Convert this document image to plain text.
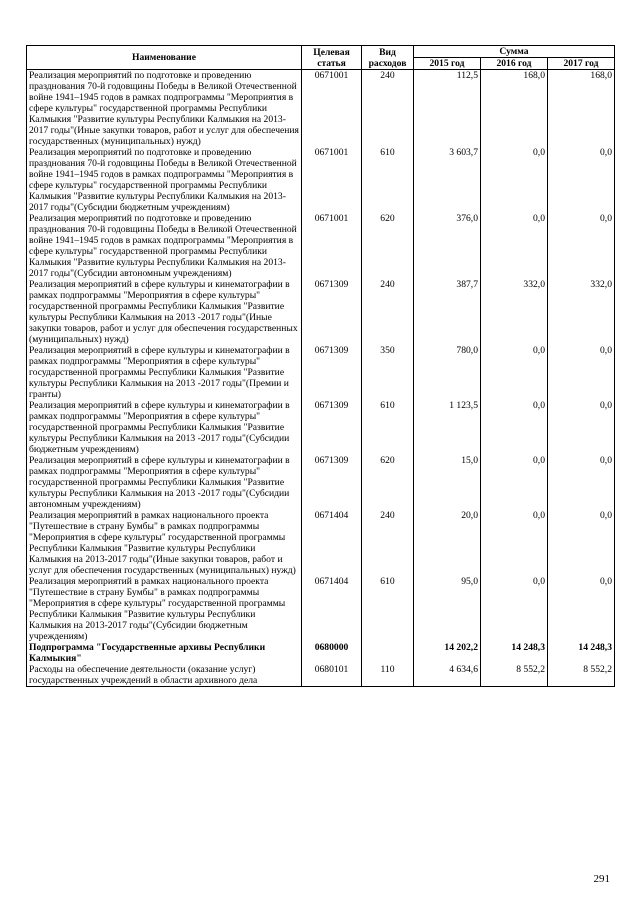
Наименование	Целевая статья	Вид расходов	Сумма		
			2015 год	2016 год	2017 год
Реализация мероприятий по подготовке и проведению празднования 70-й годовщины Победы в Великой Отечественной войне 1941–1945 годов в рамках подпрограммы "Мероприятия в сфере культуры" государственной программы Республики Калмыкия "Развитие культуры Республики Калмыкия на 2013-2017 годы"(Иные закупки товаров, работ и услуг для обеспечения государственных (муниципальных) нужд)	0671001	240	112,5	168,0	168,0
Реализация мероприятий по подготовке и проведению празднования 70-й годовщины Победы в Великой Отечественной войне 1941–1945 годов в рамках подпрограммы "Мероприятия в сфере культуры" государственной программы Республики Калмыкия "Развитие культуры Республики Калмыкия на 2013-2017 годы"(Субсидии бюджетным учреждениям)	0671001	610	3 603,7	0,0	0,0
Реализация мероприятий по подготовке и проведению празднования 70-й годовщины Победы в Великой Отечественной войне 1941–1945 годов в рамках подпрограммы "Мероприятия в сфере культуры" государственной программы Республики Калмыкия "Развитие культуры Республики Калмыкия на 2013-2017 годы"(Субсидии автономным учреждениям)	0671001	620	376,0	0,0	0,0
Реализация мероприятий в сфере культуры и кинематографии в рамках подпрограммы "Мероприятия в сфере культуры" государственной программы Республики Калмыкия "Развитие культуры Республики Калмыкия на 2013 -2017 годы"(Иные закупки товаров, работ и услуг для обеспечения государственных (муниципальных) нужд)	0671309	240	387,7	332,0	332,0
Реализация мероприятий в сфере культуры и кинематографии в рамках подпрограммы "Мероприятия в сфере культуры" государственной программы Республики Калмыкия "Развитие культуры Республики Калмыкия на 2013 -2017 годы"(Премии и гранты)	0671309	350	780,0	0,0	0,0
Реализация мероприятий в сфере культуры и кинематографии в рамках подпрограммы "Мероприятия в сфере культуры" государственной программы Республики Калмыкия "Развитие культуры Республики Калмыкия на 2013 -2017 годы"(Субсидии бюджетным учреждениям)	0671309	610	1 123,5	0,0	0,0
Реализация мероприятий в сфере культуры и кинематографии в рамках подпрограммы "Мероприятия в сфере культуры" государственной программы Республики Калмыкия "Развитие культуры Республики Калмыкия на 2013 -2017 годы"(Субсидии автономным учреждениям)	0671309	620	15,0	0,0	0,0
Реализация мероприятий в рамках национального проекта "Путешествие в страну Бумбы" в рамках подпрограммы "Мероприятия в сфере культуры" государственной программы Республики Калмыкия "Развитие культуры Республики Калмыкия на 2013-2017 годы"(Иные закупки товаров, работ и услуг для обеспечения государственных (муниципальных) нужд)	0671404	240	20,0	0,0	0,0
Реализация мероприятий в рамках национального проекта "Путешествие в страну Бумбы" в рамках подпрограммы "Мероприятия в сфере культуры" государственной программы Республики Калмыкия "Развитие культуры Республики Калмыкия на 2013-2017 годы"(Субсидии бюджетным учреждениям)	0671404	610	95,0	0,0	0,0
Подпрограмма "Государственные архивы Республики Калмыкия"	0680000		14 202,2	14 248,3	14 248,3
Расходы на обеспечение деятельности (оказание услуг) государственных учреждений в области архивного дела	0680101	110	4 634,6	8 552,2	8 552,2
291
